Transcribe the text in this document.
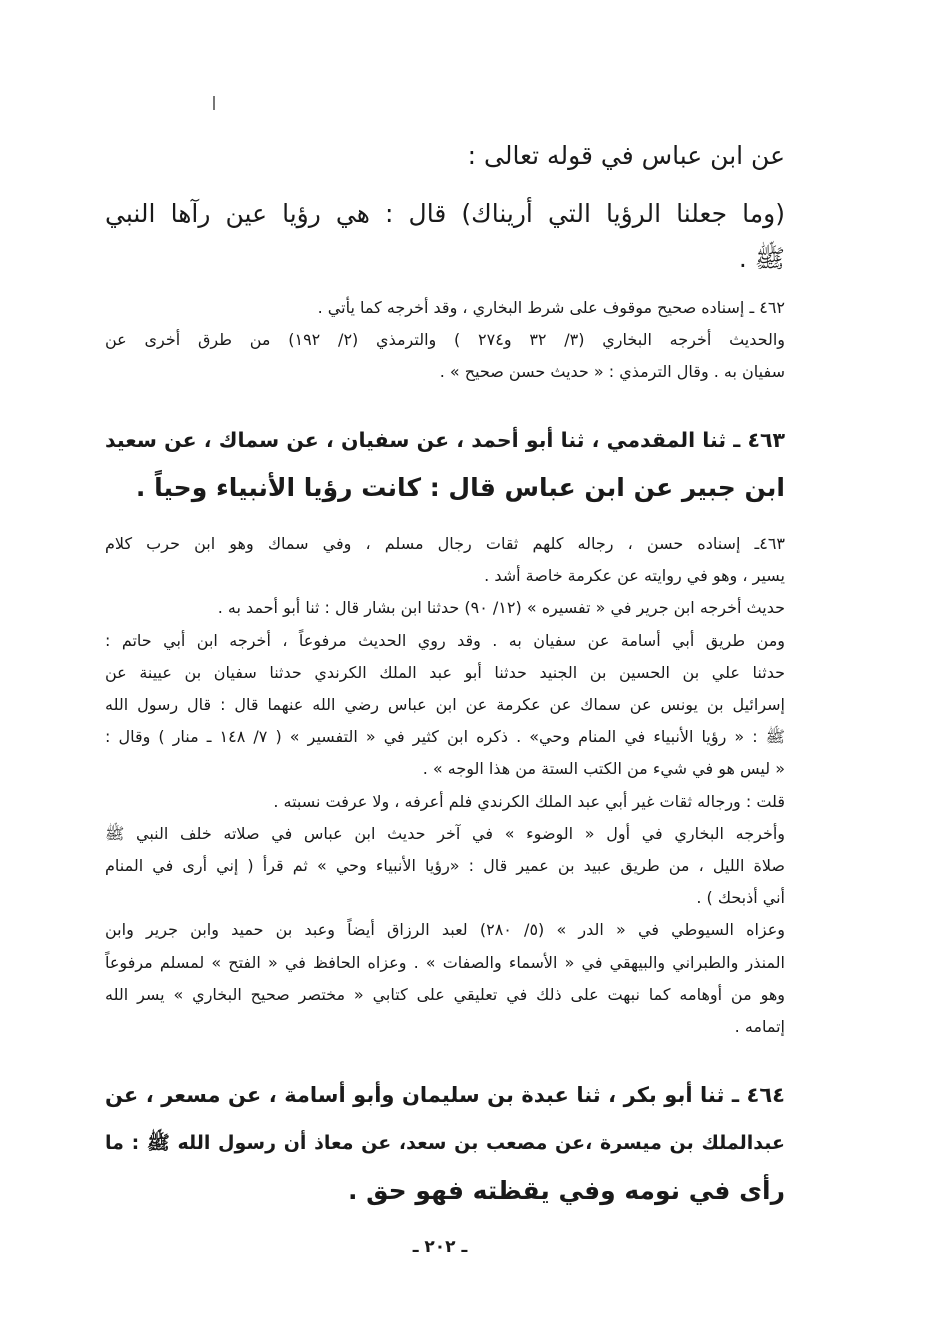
عن ابن عباس في قوله تعالى :
(وما جعلنا الرؤيا التي أريناك) قال : هي رؤيا عين رآها النبي
ﷺ .
٤٦٢ ـ إسناده صحيح موقوف على شرط البخاري ، وقد أخرجه كما يأتي .
والحديث أخرجه البخاري (٣/ ٣٢ و٢٧٤ ) والترمذي (٢/ ١٩٢) من طرق أخرى عن
سفيان به . وقال الترمذي : « حديث حسن صحيح » .
٤٦٣ ـ ثنا المقدمي ، ثنا أبو أحمد ، عن سفيان ، عن سماك ، عن سعيد
ابن جبير عن ابن عباس قال : كانت رؤيا الأنبياء وحياً .
٤٦٣ـ إسناده حسن ، رجاله كلهم ثقات رجال مسلم ، وفي سماك وهو ابن حرب كلام
يسير ، وهو في روايته عن عكرمة خاصة أشد .
حديث أخرجه ابن جرير في « تفسيره » (١٢/ ٩٠) حدثنا ابن بشار قال : ثنا أبو أحمد به .
ومن طريق أبي أسامة عن سفيان به . وقد روي الحديث مرفوعاً ، أخرجه ابن أبي حاتم :
حدثنا علي بن الحسين بن الجنيد حدثنا أبو عبد الملك الكرندي حدثنا سفيان بن عيينة عن
إسرائيل بن يونس عن سماك عن عكرمة عن ابن عباس رضي الله عنهما قال : قال رسول الله
ﷺ : « رؤيا الأنبياء في المنام وحي» . ذكره ابن كثير في « التفسير » ( ٧/ ١٤٨ ـ منار ) وقال :
« ليس هو في شيء من الكتب الستة من هذا الوجه » .
قلت : ورجاله ثقات غير أبي عبد الملك الكرندي فلم أعرفه ، ولا عرفت نسبته .
وأخرجه البخاري في أول « الوضوء » في آخر حديث ابن عباس في صلاته خلف النبي ﷺ
صلاة الليل ، من طريق عبيد بن عمير قال : «رؤيا الأنبياء وحي » ثم قرأ ( إني أرى في المنام
أني أذبحك ) .
وعزاه السيوطي في « الدر » (٥/ ٢٨٠) لعبد الرزاق أيضاً وعبد بن حميد وابن جرير وابن
المنذر والطبراني والبيهقي في « الأسماء والصفات » . وعزاه الحافظ في « الفتح » لمسلم مرفوعاً
وهو من أوهامه كما نبهت على ذلك في تعليقي على كتابي « مختصر صحيح البخاري » يسر الله
إتمامه .
٤٦٤ ـ ثنا أبو بكر ، ثنا عبدة بن سليمان وأبو أسامة ، عن مسعر ، عن
عبدالملك بن ميسرة ،عن مصعب بن سعد، عن معاذ أن رسول الله ﷺ : ما
رأى في نومه وفي يقظته فهو حق .
ـ ٢٠٢ ـ
